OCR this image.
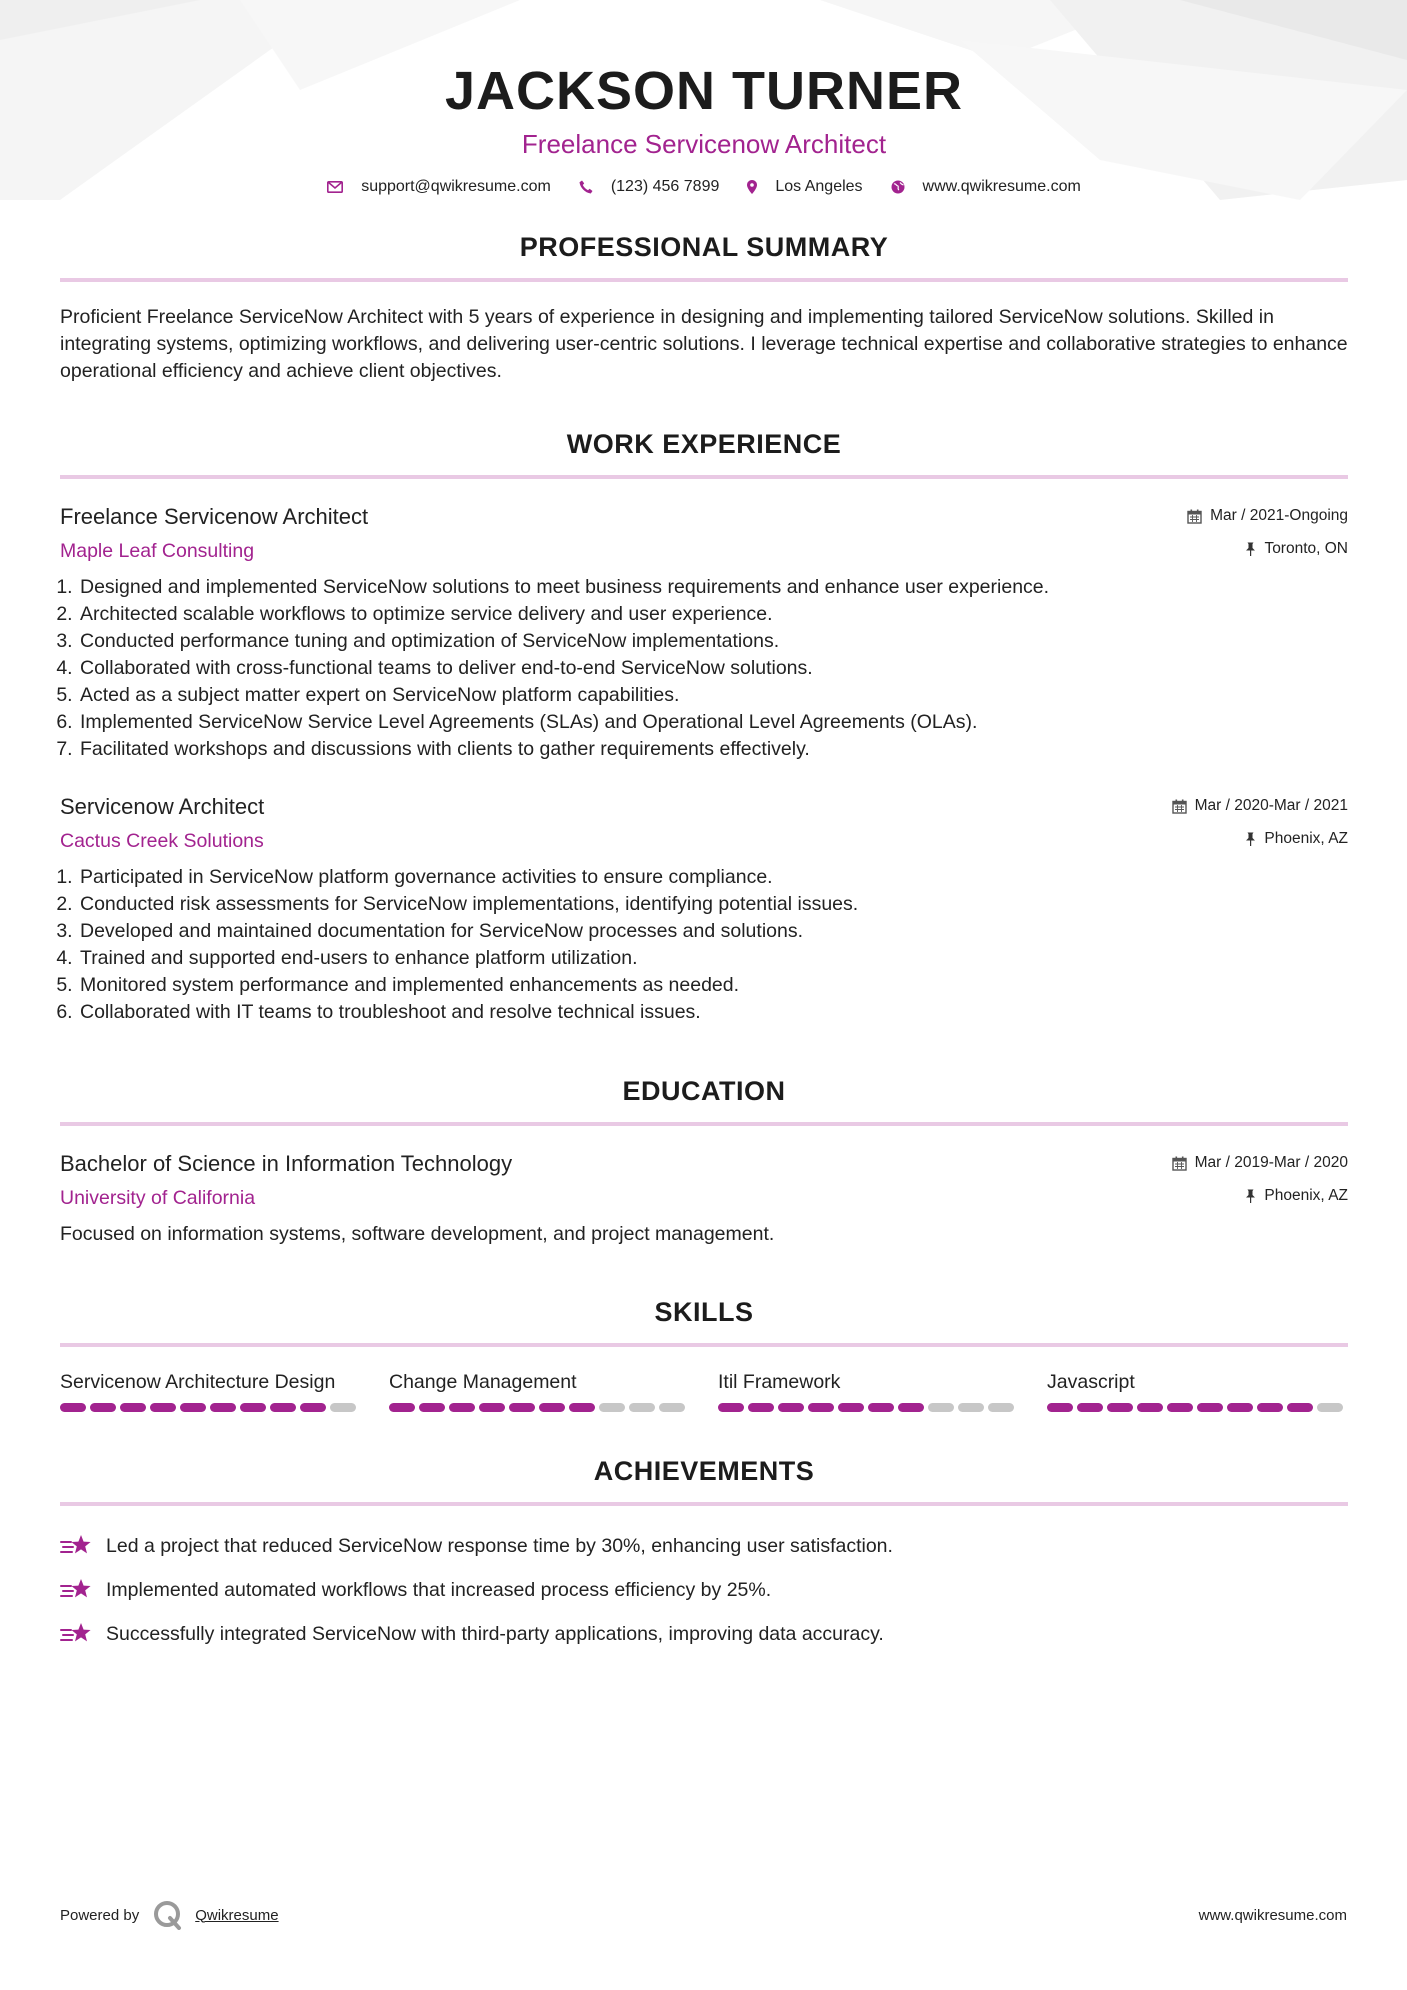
JACKSON TURNER
Freelance Servicenow Architect
support@qwikresume.com	(123) 456 7899	Los Angeles	www.qwikresume.com
PROFESSIONAL SUMMARY
Proficient Freelance ServiceNow Architect with 5 years of experience in designing and implementing tailored ServiceNow solutions. Skilled in integrating systems, optimizing workflows, and delivering user-centric solutions. I leverage technical expertise and collaborative strategies to enhance operational efficiency and achieve client objectives.
WORK EXPERIENCE
Freelance Servicenow Architect
Maple Leaf Consulting
Mar / 2021-Ongoing
Toronto, ON
1. Designed and implemented ServiceNow solutions to meet business requirements and enhance user experience.
2. Architected scalable workflows to optimize service delivery and user experience.
3. Conducted performance tuning and optimization of ServiceNow implementations.
4. Collaborated with cross-functional teams to deliver end-to-end ServiceNow solutions.
5. Acted as a subject matter expert on ServiceNow platform capabilities.
6. Implemented ServiceNow Service Level Agreements (SLAs) and Operational Level Agreements (OLAs).
7. Facilitated workshops and discussions with clients to gather requirements effectively.
Servicenow Architect
Cactus Creek Solutions
Mar / 2020-Mar / 2021
Phoenix, AZ
1. Participated in ServiceNow platform governance activities to ensure compliance.
2. Conducted risk assessments for ServiceNow implementations, identifying potential issues.
3. Developed and maintained documentation for ServiceNow processes and solutions.
4. Trained and supported end-users to enhance platform utilization.
5. Monitored system performance and implemented enhancements as needed.
6. Collaborated with IT teams to troubleshoot and resolve technical issues.
EDUCATION
Bachelor of Science in Information Technology
University of California
Mar / 2019-Mar / 2020
Phoenix, AZ
Focused on information systems, software development, and project management.
SKILLS
Servicenow Architecture Design	Change Management	Itil Framework	Javascript
ACHIEVEMENTS
Led a project that reduced ServiceNow response time by 30%, enhancing user satisfaction.
Implemented automated workflows that increased process efficiency by 25%.
Successfully integrated ServiceNow with third-party applications, improving data accuracy.
Powered by	Qwikresume	www.qwikresume.com
